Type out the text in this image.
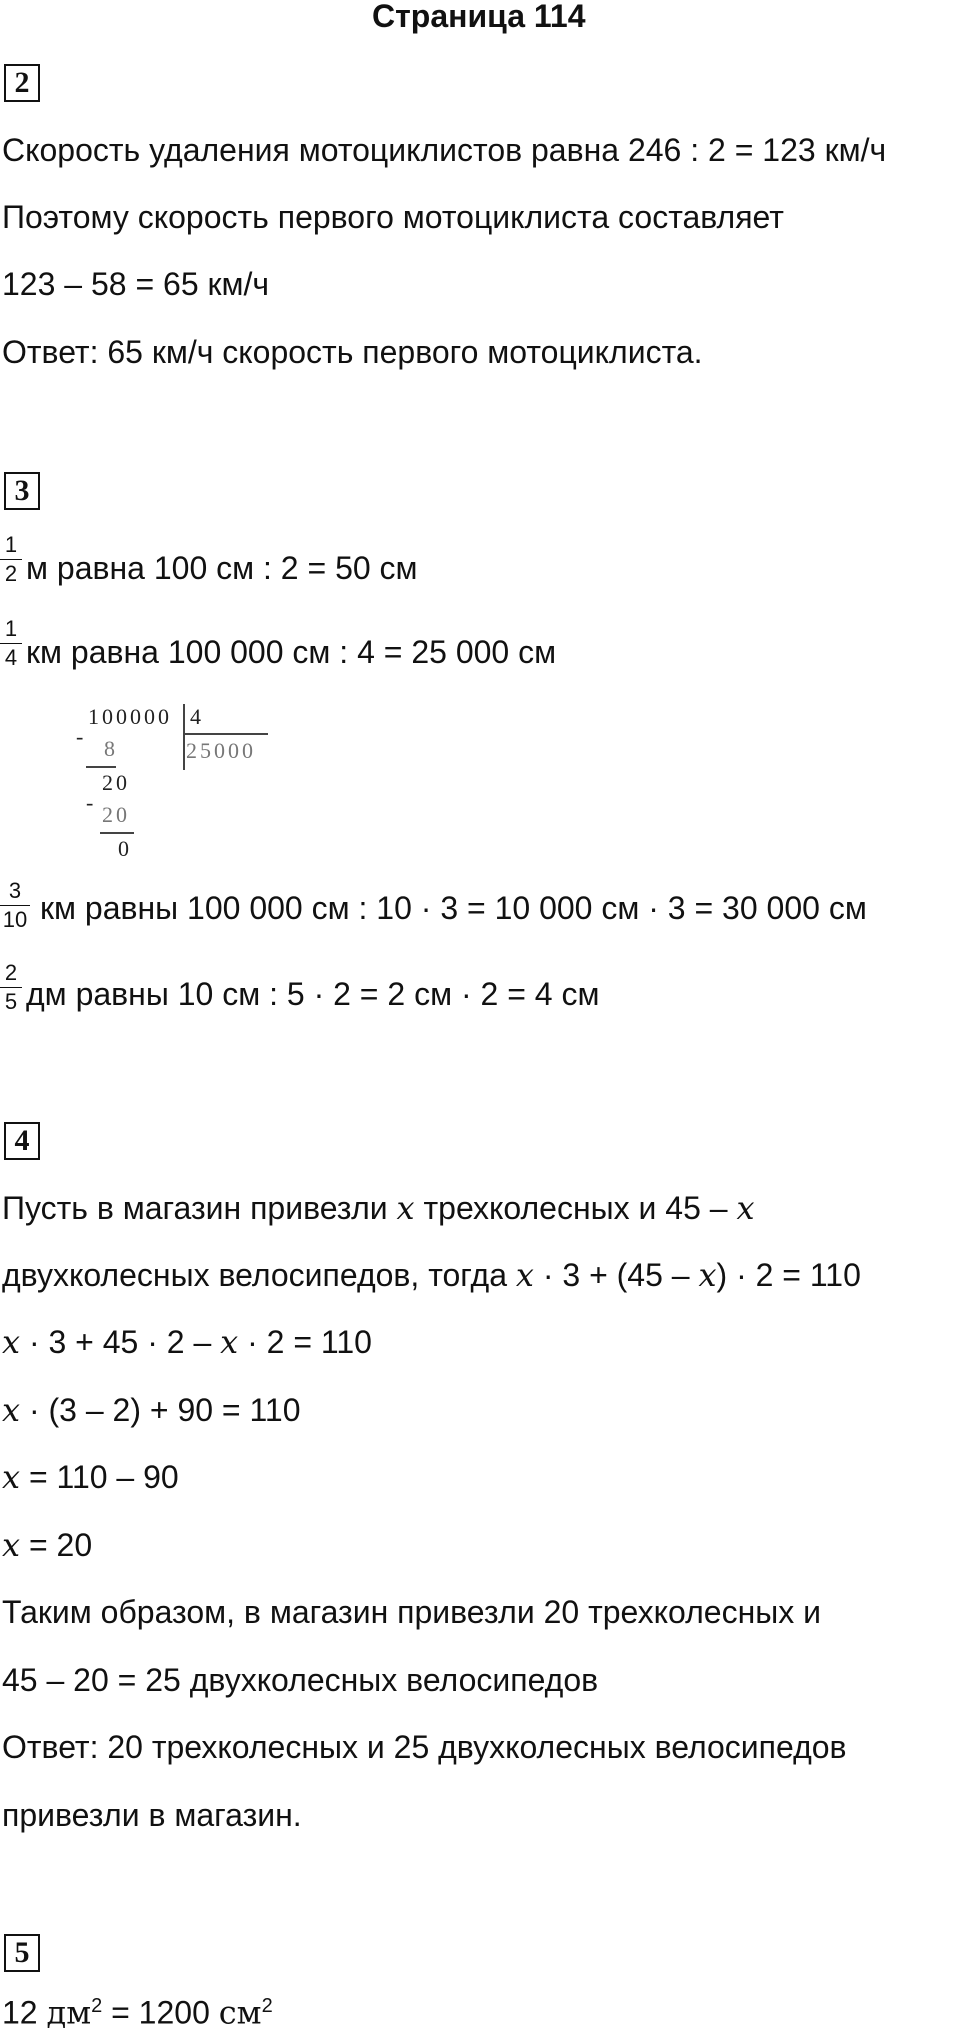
Страница 114
2
Скорость удаления мотоциклистов равна 246 : 2 = 123 км/ч
Поэтому скорость первого мотоциклиста составляет
123 – 58 = 65 км/ч
Ответ: 65 км/ч скорость первого мотоциклиста.
3
1
2 м равна 100 см : 2 = 50 см
1
4 км равна 100 000 см : 4 = 25 000 см
100000 4
25000
- 8
20
- 20
0
3
10 км равны 100 000 см : 10 · 3 = 10 000 см · 3 = 30 000 см
2
5 дм равны 10 см : 5 · 2 = 2 см · 2 = 4 см
4
Пусть в магазин привезли x трехколесных и 45 – x
двухколесных велосипедов, тогда x · 3 + (45 – x) · 2 = 110
x · 3 + 45 · 2 – x · 2 = 110
x · (3 – 2) + 90 = 110
x = 110 – 90
x = 20
Таким образом, в магазин привезли 20 трехколесных и
45 – 20 = 25 двухколесных велосипедов
Ответ: 20 трехколесных и 25 двухколесных велосипедов
привезли в магазин.
5
12 $дм^2 = 1200$ $см^2$
